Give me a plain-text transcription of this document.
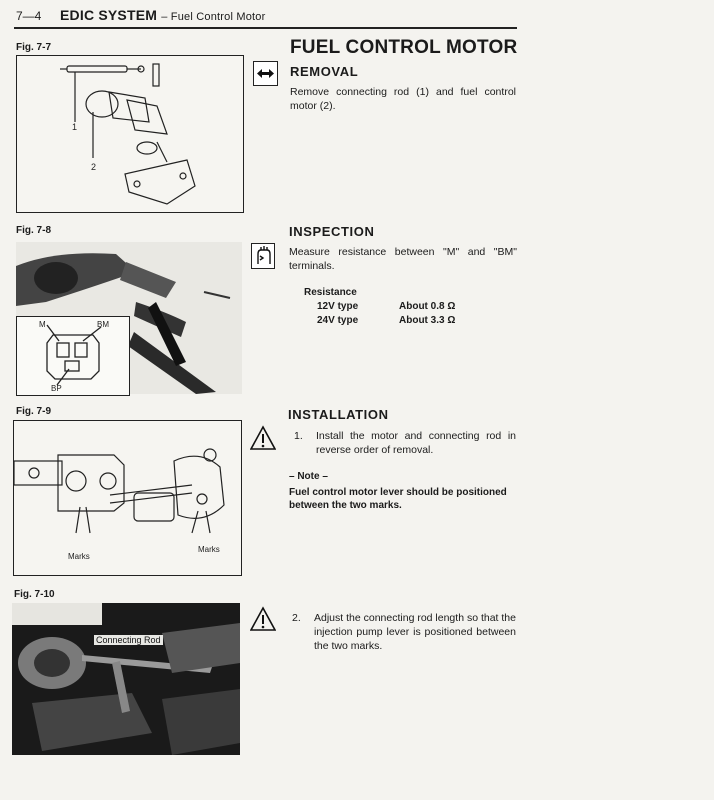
7—4 EDIC SYSTEM – Fuel Control Motor
Fig. 7-7
1
2
Fig. 7-8
M	BM
BP
Fig. 7-9
Marks
Marks
Fig. 7-10
Connecting Rod
FUEL CONTROL MOTOR
REMOVAL
Remove connecting rod (1) and fuel control motor (2).
INSPECTION
Measure resistance between "M" and "BM" terminals.
Resistance
12V type	About 0.8 Ω
24V type	About 3.3 Ω
INSTALLATION
1.	Install the motor and connecting rod in reverse order of removal.
– Note –
Fuel control motor lever should be positioned between the two marks.
2.	Adjust the connecting rod length so that the injection pump lever is positioned between the two marks.
